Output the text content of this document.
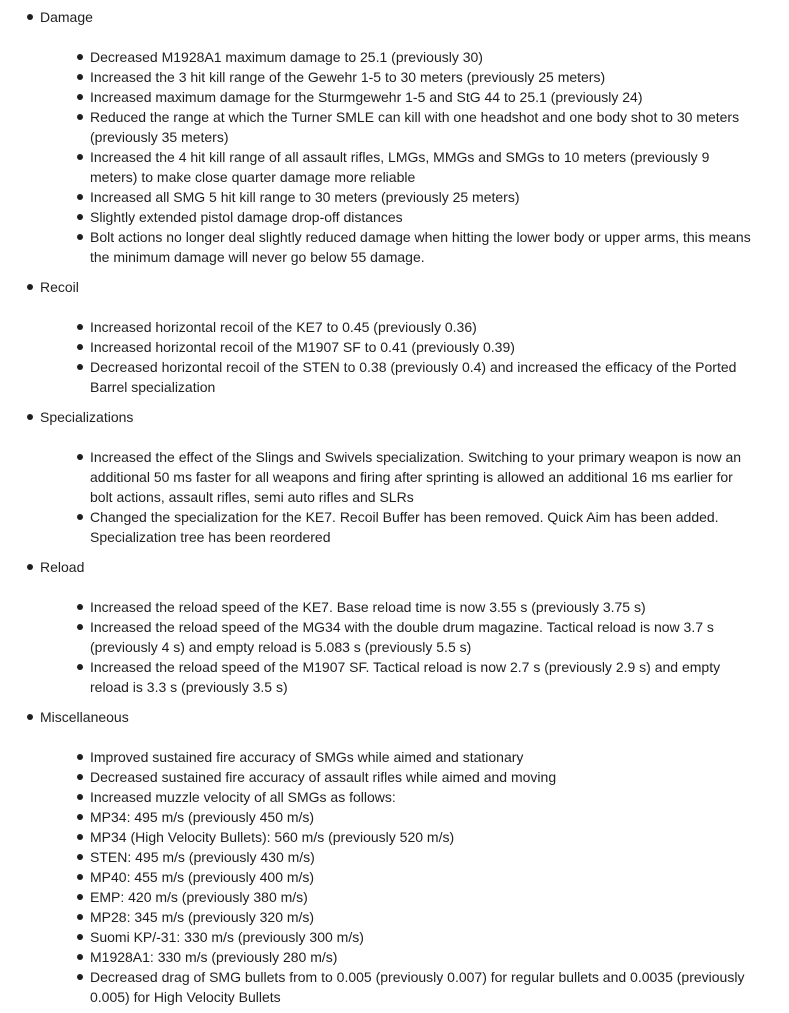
Damage
Decreased M1928A1 maximum damage to 25.1 (previously 30)
Increased the 3 hit kill range of the Gewehr 1-5 to 30 meters (previously 25 meters)
Increased maximum damage for the Sturmgewehr 1-5 and StG 44 to 25.1 (previously 24)
Reduced the range at which the Turner SMLE can kill with one headshot and one body shot to 30 meters (previously 35 meters)
Increased the 4 hit kill range of all assault rifles, LMGs, MMGs and SMGs to 10 meters (previously 9 meters) to make close quarter damage more reliable
Increased all SMG 5 hit kill range to 30 meters (previously 25 meters)
Slightly extended pistol damage drop-off distances
Bolt actions no longer deal slightly reduced damage when hitting the lower body or upper arms, this means the minimum damage will never go below 55 damage.
Recoil
Increased horizontal recoil of the KE7 to 0.45 (previously 0.36)
Increased horizontal recoil of the M1907 SF to 0.41 (previously 0.39)
Decreased horizontal recoil of the STEN to 0.38 (previously 0.4) and increased the efficacy of the Ported Barrel specialization
Specializations
Increased the effect of the Slings and Swivels specialization. Switching to your primary weapon is now an additional 50 ms faster for all weapons and firing after sprinting is allowed an additional 16 ms earlier for bolt actions, assault rifles, semi auto rifles and SLRs
Changed the specialization for the KE7. Recoil Buffer has been removed. Quick Aim has been added. Specialization tree has been reordered
Reload
Increased the reload speed of the KE7. Base reload time is now 3.55 s (previously 3.75 s)
Increased the reload speed of the MG34 with the double drum magazine. Tactical reload is now 3.7 s (previously 4 s) and empty reload is 5.083 s (previously 5.5 s)
Increased the reload speed of the M1907 SF. Tactical reload is now 2.7 s (previously 2.9 s) and empty reload is 3.3 s (previously 3.5 s)
Miscellaneous
Improved sustained fire accuracy of SMGs while aimed and stationary
Decreased sustained fire accuracy of assault rifles while aimed and moving
Increased muzzle velocity of all SMGs as follows:
MP34: 495 m/s (previously 450 m/s)
MP34 (High Velocity Bullets): 560 m/s (previously 520 m/s)
STEN: 495 m/s (previously 430 m/s)
MP40: 455 m/s (previously 400 m/s)
EMP: 420 m/s (previously 380 m/s)
MP28: 345 m/s (previously 320 m/s)
Suomi KP/-31: 330 m/s (previously 300 m/s)
M1928A1: 330 m/s (previously 280 m/s)
Decreased drag of SMG bullets from to 0.005 (previously 0.007) for regular bullets and 0.0035 (previously 0.005) for High Velocity Bullets
